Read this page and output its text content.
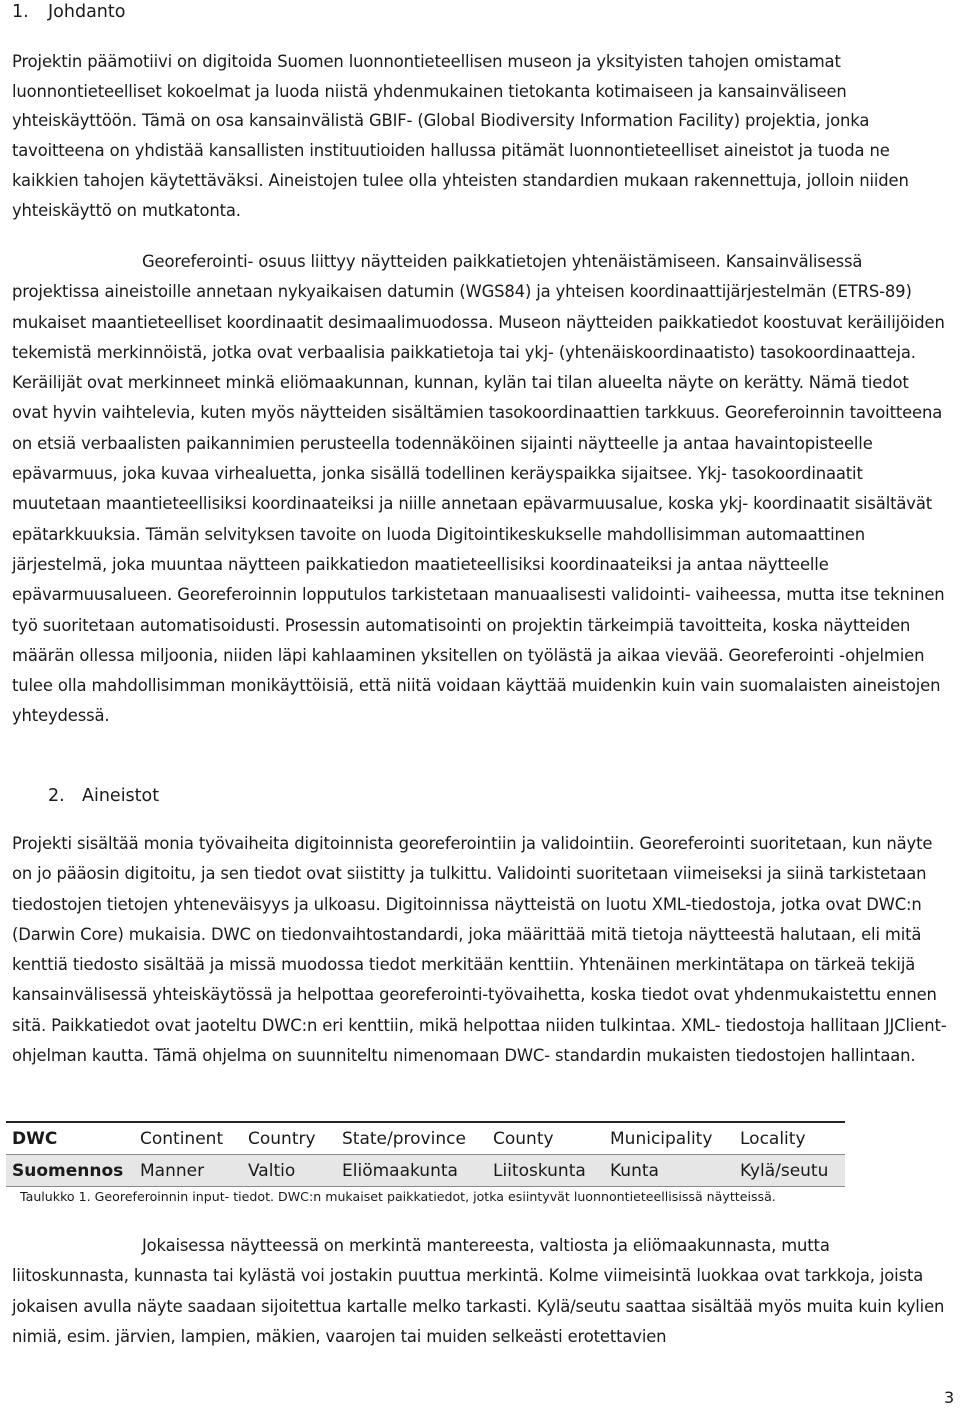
1. Johdanto

Projektin päämotiivi on digitoida Suomen luonnontieteellisen museon ja yksityisten tahojen omistamat luonnontieteelliset kokoelmat ja luoda niistä yhdenmukainen tietokanta kotimaiseen ja kansainväliseen yhteiskäyttöön. Tämä on osa kansainvälistä GBIF- (Global Biodiversity Information Facility) projektia, jonka tavoitteena on yhdistää kansallisten instituutioiden hallussa pitämät luonnontieteelliset aineistot ja tuoda ne kaikkien tahojen käytettäväksi. Aineistojen tulee olla yhteisten standardien mukaan rakennettuja, jolloin niiden yhteiskäyttö on mutkatonta.

Georeferointi- osuus liittyy näytteiden paikkatietojen yhtenäistämiseen. Kansainvälisessä projektissa aineistoille annetaan nykyaikaisen datumin (WGS84) ja yhteisen koordinaattijärjestelmän (ETRS-89) mukaiset maantieteelliset koordinaatit desimaalimuodossa. Museon näytteiden paikkatiedot koostuvat keräilijöiden tekemistä merkinnöistä, jotka ovat verbaalisia paikkatietoja tai ykj- (yhtenäiskoordinaatisto) tasokoordinaatteja. Keräilijät ovat merkinneet minkä eliömaakunnan, kunnan, kylän tai tilan alueelta näyte on kerätty. Nämä tiedot ovat hyvin vaihtelevia, kuten myös näytteiden sisältämien tasokoordinaattien tarkkuus. Georeferoinnin tavoitteena on etsiä verbaalisten paikannimien perusteella todennäköinen sijainti näytteelle ja antaa havaintopisteelle epävarmuus, joka kuvaa virhealuetta, jonka sisällä todellinen keräyspaikka sijaitsee. Ykj- tasokoordinaatit muutetaan maantieteellisiksi koordinaateiksi ja niille annetaan epävarmuusalue, koska ykj- koordinaatit sisältävät epätarkkuuksia. Tämän selvityksen tavoite on luoda Digitointikeskukselle mahdollisimman automaattinen järjestelmä, joka muuntaa näytteen paikkatiedon maatieteellisiksi koordinaateiksi ja antaa näytteelle epävarmuusalueen. Georeferoinnin lopputulos tarkistetaan manuaalisesti validointi- vaiheessa, mutta itse tekninen työ suoritetaan automatisoidusti. Prosessin automatisointi on projektin tärkeimpiä tavoitteita, koska näytteiden määrän ollessa miljoonia, niiden läpi kahlaaminen yksitellen on työlästä ja aikaa vievää. Georeferointi -ohjelmien tulee olla mahdollisimman monikäyttöisiä, että niitä voidaan käyttää muidenkin kuin vain suomalaisten aineistojen yhteydessä.

2. Aineistot

Projekti sisältää monia työvaiheita digitoinnista georeferointiin ja validointiin. Georeferointi suoritetaan, kun näyte on jo pääosin digitoitu, ja sen tiedot ovat siistitty ja tulkittu. Validointi suoritetaan viimeiseksi ja siinä tarkistetaan tiedostojen tietojen yhteneväisyys ja ulkoasu. Digitoinnissa näytteistä on luotu XML-tiedostoja, jotka ovat DWC:n (Darwin Core) mukaisia. DWC on tiedonvaihtostandardi, joka määrittää mitä tietoja näytteestä halutaan, eli mitä kenttiä tiedosto sisältää ja missä muodossa tiedot merkitään kenttiin. Yhtenäinen merkintätapa on tärkeä tekijä kansainvälisessä yhteiskäytössä ja helpottaa georeferointi-työvaihetta, koska tiedot ovat yhdenmukaistettu ennen sitä. Paikkatiedot ovat jaoteltu DWC:n eri kenttiin, mikä helpottaa niiden tulkintaa. XML- tiedostoja hallitaan JJClient- ohjelman kautta. Tämä ohjelma on suunniteltu nimenomaan DWC- standardin mukaisten tiedostojen hallintaan.

DWC	Continent	Country	State/province	County	Municipality	Locality
Suomennos	Manner	Valtio	Eliömaakunta	Liitoskunta	Kunta	Kylä/seutu

Taulukko 1. Georeferoinnin input- tiedot. DWC:n mukaiset paikkatiedot, jotka esiintyvät luonnontieteellisissä näytteissä.

Jokaisessa näytteessä on merkintä mantereesta, valtiosta ja eliömaakunnasta, mutta liitoskunnasta, kunnasta tai kylästä voi jostakin puuttua merkintä. Kolme viimeisintä luokkaa ovat tarkkoja, joista jokaisen avulla näyte saadaan sijoitettua kartalle melko tarkasti. Kylä/seutu saattaa sisältää myös muita kuin kylien nimiä, esim. järvien, lampien, mäkien, vaarojen tai muiden selkeästi erotettavien

3
